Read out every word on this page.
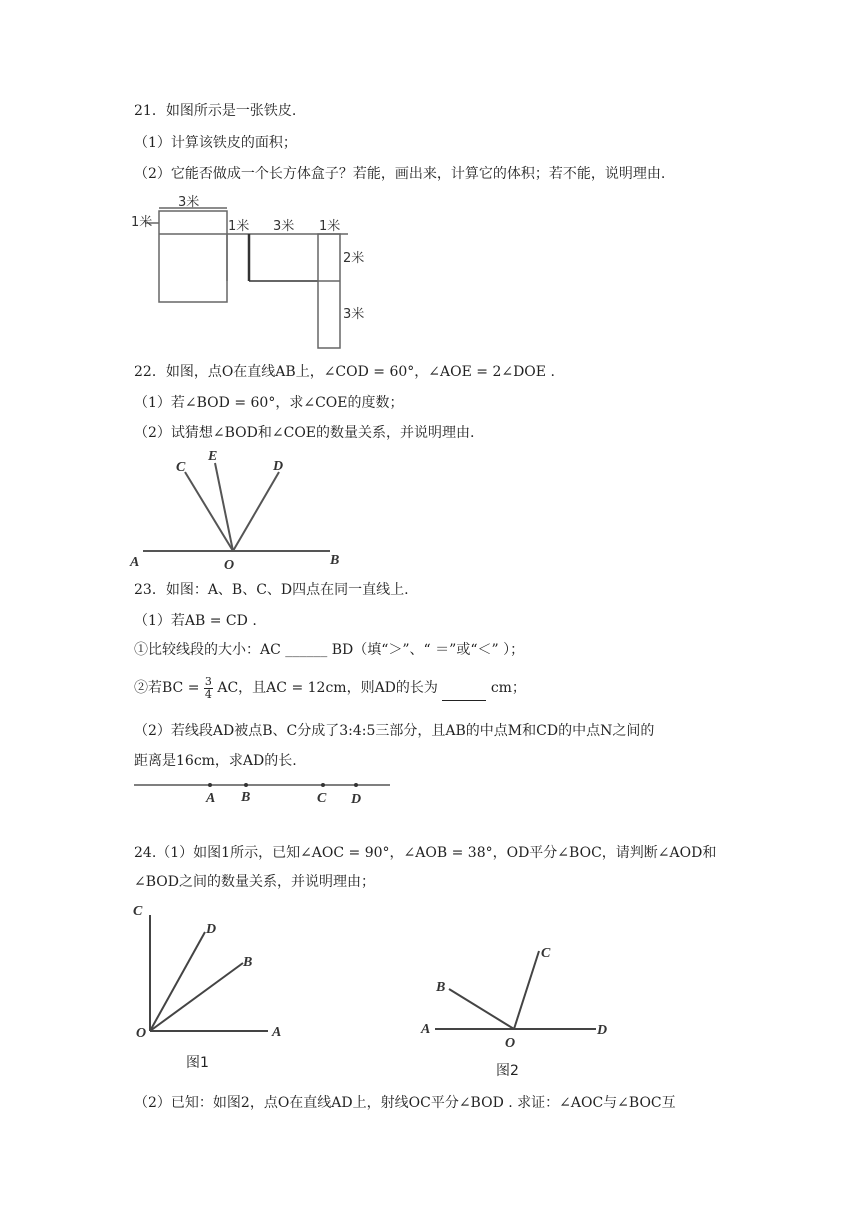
21．如图所示是一张铁皮.
（1）计算该铁皮的面积；
（2）它能否做成一个长方体盒子？若能，画出来，计算它的体积；若不能，说明理由.
1米
3米
1米 3米 1米
2米
3米
22．如图，点O在直线AB上，∠COD = 60°，∠AOE = 2∠DOE .
（1）若∠BOD = 60°，求∠COE的度数；
（2）试猜想∠BOD和∠COE的数量关系，并说明理由.
C
E
D
A	O	B
23．如图：A、B、C、D四点在同一直线上.
（1）若AB = CD .
①比较线段的大小：AC ______ BD（填“＞”、“ ＝”或“＜” ）；
②若BC = $\frac{3}{4}$ AC，且AC = 12cm，则AD的长为	cm；
（2）若线段AD被点B、C分成了3:4:5三部分，且AB的中点M和CD的中点N之间的
距离是16cm，求AD的长.
A B	C D
24.（1）如图1所示，已知∠AOC = 90°，∠AOB = 38°，OD平分∠BOC，请判断∠AOD和
∠BOD之间的数量关系，并说明理由；
C
D
B
O	A
图1
C
B
A
O
D
图2
（2）已知：如图2，点O在直线AD上，射线OC平分∠BOD . 求证：∠AOC与∠BOC互
